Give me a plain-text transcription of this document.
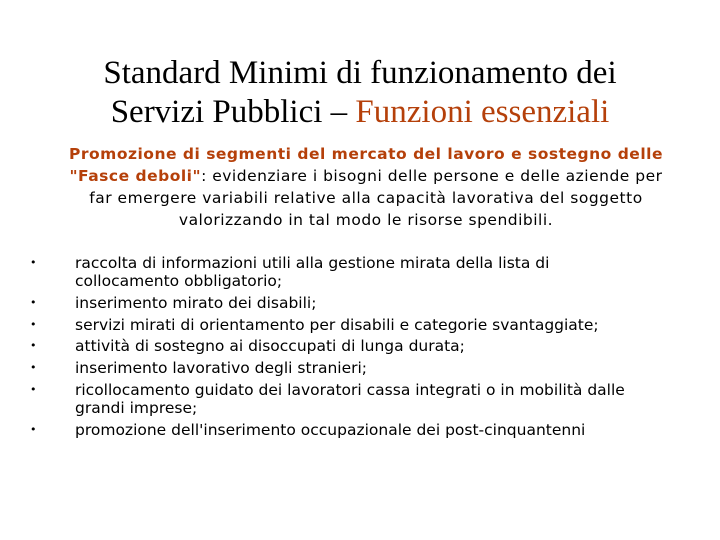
Standard Minimi di funzionamento dei
Servizi Pubblici – Funzioni essenziali
Promozione di segmenti del mercato del lavoro e sostegno delle "Fasce deboli": evidenziare i bisogni delle persone e delle aziende per far emergere variabili relative alla capacità lavorativa del soggetto valorizzando in tal modo le risorse spendibili.
•	raccolta di informazioni utili alla gestione mirata della lista di collocamento obbligatorio;
•	inserimento mirato dei disabili;
•	servizi mirati di orientamento per disabili e categorie svantaggiate;
•	attività di sostegno ai disoccupati di lunga durata;
•	inserimento lavorativo degli stranieri;
•	ricollocamento guidato dei lavoratori cassa integrati o in mobilità dalle grandi imprese;
•	promozione dell'inserimento occupazionale dei post-cinquantenni
